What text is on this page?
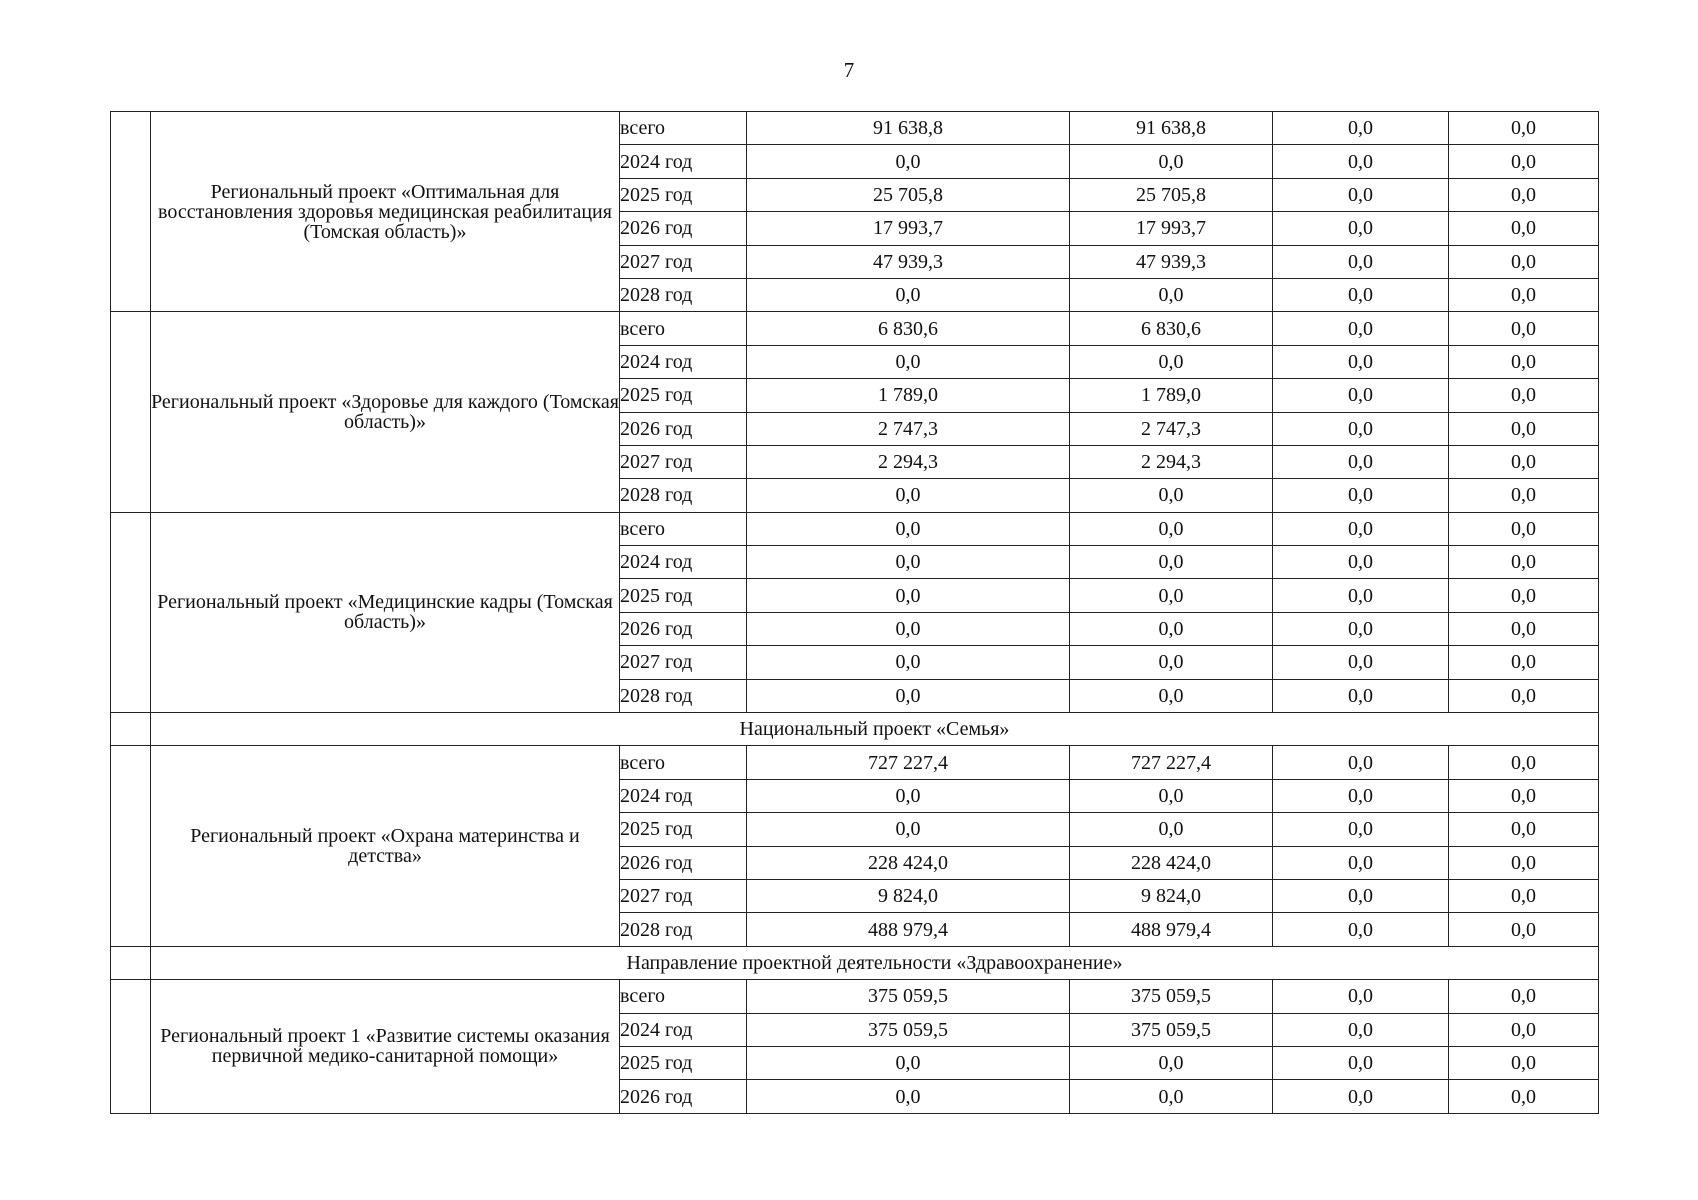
7
	Региональный проект «Оптимальная для восстановления здоровья медицинская реабилитация (Томская область)»	всего	91 638,8	91 638,8	0,0	0,0
		2024 год	0,0	0,0	0,0	0,0
		2025 год	25 705,8	25 705,8	0,0	0,0
		2026 год	17 993,7	17 993,7	0,0	0,0
		2027 год	47 939,3	47 939,3	0,0	0,0
		2028 год	0,0	0,0	0,0	0,0
	Региональный проект «Здоровье для каждого (Томская область)»	всего	6 830,6	6 830,6	0,0	0,0
		2024 год	0,0	0,0	0,0	0,0
		2025 год	1 789,0	1 789,0	0,0	0,0
		2026 год	2 747,3	2 747,3	0,0	0,0
		2027 год	2 294,3	2 294,3	0,0	0,0
		2028 год	0,0	0,0	0,0	0,0
	Региональный проект «Медицинские кадры (Томская область)»	всего	0,0	0,0	0,0	0,0
		2024 год	0,0	0,0	0,0	0,0
		2025 год	0,0	0,0	0,0	0,0
		2026 год	0,0	0,0	0,0	0,0
		2027 год	0,0	0,0	0,0	0,0
		2028 год	0,0	0,0	0,0	0,0
	Национальный проект «Семья»					
	Региональный проект «Охрана материнства и детства»	всего	727 227,4	727 227,4	0,0	0,0
		2024 год	0,0	0,0	0,0	0,0
		2025 год	0,0	0,0	0,0	0,0
		2026 год	228 424,0	228 424,0	0,0	0,0
		2027 год	9 824,0	9 824,0	0,0	0,0
		2028 год	488 979,4	488 979,4	0,0	0,0
	Направление проектной деятельности «Здравоохранение»					
	Региональный проект 1 «Развитие системы оказания первичной медико-санитарной помощи»	всего	375 059,5	375 059,5	0,0	0,0
		2024 год	375 059,5	375 059,5	0,0	0,0
		2025 год	0,0	0,0	0,0	0,0
		2026 год	0,0	0,0	0,0	0,0
